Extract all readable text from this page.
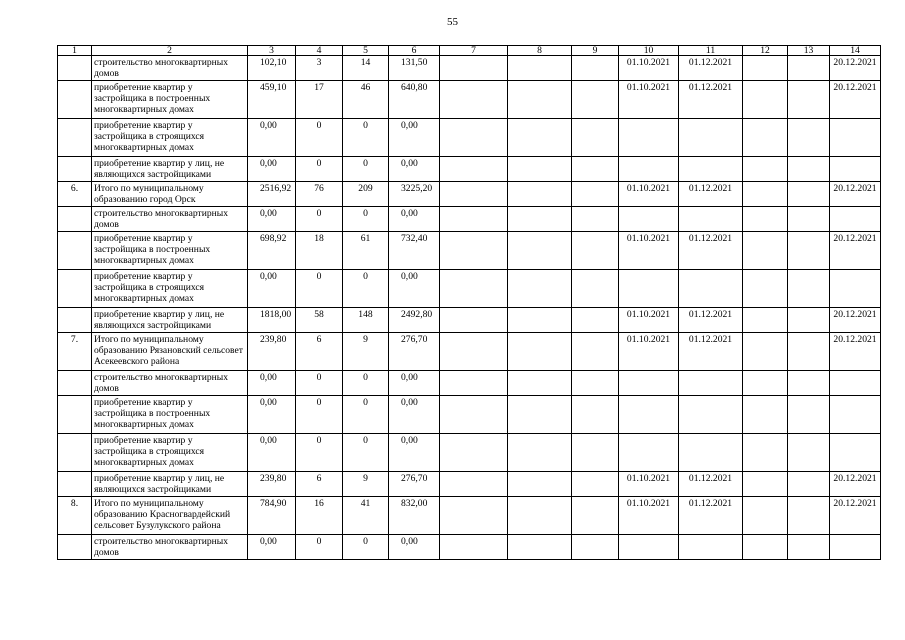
55
1	2	3	4	5	6	7	8	9	10	11	12	13	14
	строительство многоквартирных домов	102,10	3	14	131,50				01.10.2021	01.12.2021			20.12.2021
	приобретение квартир у застройщика в построенных многоквартирных домах	459,10	17	46	640,80				01.10.2021	01.12.2021			20.12.2021
	приобретение квартир у застройщика в строящихся многоквартирных домах	0,00	0	0	0,00								
	приобретение квартир у лиц, не являющихся застройщиками	0,00	0	0	0,00								
6.	Итого по муниципальному образованию город Орск	2516,92	76	209	3225,20				01.10.2021	01.12.2021			20.12.2021
	строительство многоквартирных домов	0,00	0	0	0,00								
	приобретение квартир у застройщика в построенных многоквартирных домах	698,92	18	61	732,40				01.10.2021	01.12.2021			20.12.2021
	приобретение квартир у застройщика в строящихся многоквартирных домах	0,00	0	0	0,00								
	приобретение квартир у лиц, не являющихся застройщиками	1818,00	58	148	2492,80				01.10.2021	01.12.2021			20.12.2021
7.	Итого по муниципальному образованию Рязановский сельсовет Асекеевского района	239,80	6	9	276,70				01.10.2021	01.12.2021			20.12.2021
	строительство многоквартирных домов	0,00	0	0	0,00								
	приобретение квартир у застройщика в построенных многоквартирных домах	0,00	0	0	0,00								
	приобретение квартир у застройщика в строящихся многоквартирных домах	0,00	0	0	0,00								
	приобретение квартир у лиц, не являющихся застройщиками	239,80	6	9	276,70				01.10.2021	01.12.2021			20.12.2021
8.	Итого по муниципальному образованию Красногвардейский сельсовет Бузулукского района	784,90	16	41	832,00				01.10.2021	01.12.2021			20.12.2021
	строительство многоквартирных домов	0,00	0	0	0,00								
